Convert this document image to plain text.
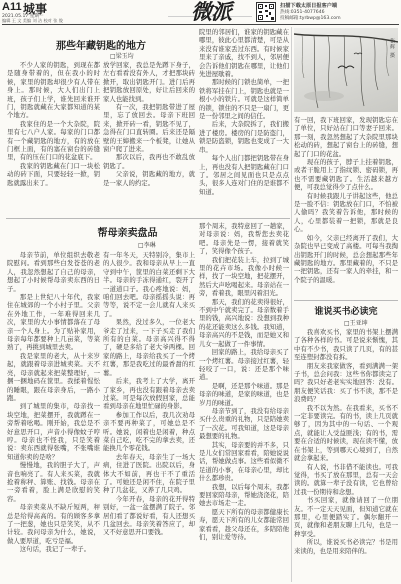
A11 城事
2021.05.17 星期一
编辑 王 文 美编 刘 洁 校对 张 俊	微派	扫描下载太原日报客户端
热线:0351-4077646
投稿邮箱:tyrbwp@163.com
那些年藏钥匙的地方
□梁玉均

不少人家的钥匙，到现在都是随身带着的，但在我小的时候，家里的钥匙却很少有人带在身上。那时候，大人们出门上班，孩子们上学，谁先回来谁开门，钥匙就藏在大家都知道的某个地方。

我家住的是一个大杂院，院里有七八户人家。每家的门口都有一个藏钥匙的地方，有的放在门框上面，有的塞在窗台的砖缝里，有的压在门口的花盆底下。

我家的钥匙藏在门口一块松动的砖下面，只要轻轻一掀，钥匙就露出来了。

放学回家，我总是先蹲下身子，左右看看没有外人，才把那块砖掀开，取出钥匙开门。进门后再把钥匙放回原处，好让后回来的家人也能找到。

有一次，我把钥匙带进了屋里，忘了放回去。母亲下班回来，掀开砖一看，钥匙不见了，急得在门口直转圈。后来还是隔壁的王婶搬来一个板凳，让她从窗户爬了进来。

那次以后，我再也不敢乱放钥匙了。

父亲说，钥匙藏的地方，就是一家人的约定。

院里的邻居们，谁家的钥匙藏在哪里，彼此心里都清楚，可是从来没有谁家丢过东西。有时候家里来了亲戚，找不到人，邻居便会告诉他们钥匙在哪里，让他们先进屋歇着。

那时候的门锁也简单，一把铁将军挂在门上，钥匙也就是一根小小的铁片。可就是这样简单的锁，锁住的不只是一扇门，更是一份邻里之间的信任。

后来，大杂院拆了，我们搬进了楼房。楼房的门是防盗门，锁是防盗锁，钥匙也变成了一大串。

每个人出门都把钥匙带在身上，再也没有人把钥匙藏在门口了。邻居之间见面也只是点点头，很多人连对门住的是谁都不知道。

张辉 摄

有一回，我下班回家，发现钥匙忘在了单位，只好站在门口等妻子回来。那一刻，我忽然想起了大杂院里那块松动的砖，想起了窗台上的砖缝，想起了门口的花盆。

现在的孩子，脖子上挂着钥匙，或者干脆用上了指纹锁、密码锁，再也不需要藏钥匙了。生活越来越方便，可我总觉得少了点什么。

有时候我跟儿子讲起这些，他总是一脸不信：钥匙放在门口，不怕被人偷吗？我笑着告诉他，那时候的人，心里都装着一把锁，那就是良心。

如今，父亲已经离开了我们，大杂院也早已变成了高楼。可每当我掏出钥匙开门的时候，总会想起那些年藏钥匙的地方。那里藏着的，不只是一把钥匙，还有一家人的牵挂，和一个院子的温暖。

帮母亲卖盘品
□李琳

母亲节前，单位组织去敬老院慰问。看到那些白发苍苍的老人，我忽然想起了自己的母亲，想起了小时候帮母亲卖东西的日子。

那是上世纪八十年代，我家住在城郊的一个小村子里。父亲在外地工作，一年难得回来几次，家里的大小事情都落在了母亲一个人身上。为了贴补家用，母亲每年都要种上几亩菜，等菜熟了，再挑到城里去卖。

我是家里的老大，从十来岁起，就跟着母亲进城卖菜。天不亮，母亲就起来把菜整理好，一捆一捆地码在筐里。我揉着惺忪的睡眼，跟在母亲身后，一路小跑。

到了城里的集市，母亲找一块空地，把菜摆开，我就蹲在一旁帮着吆喝。刚开始，我总是不好意思开口，声音小得像蚊子哼哼。母亲也不怪我，只是笑着说：卖东西就得张嘴，不张嘴谁知道你卖的是啥？

慢慢地，我的胆子大了，声音也响亮了。有人来买菜，我就抢着称秤、算账、找钱。母亲在一旁看着，脸上满是欣慰的笑容。

母亲卖菜从不缺斤短两，秤总是给得高高的。有的顾客多拿了一把葱，她也只是笑笑，从不计较。我问母亲为什么，她说，做人要厚道，吃亏是福。

这句话，我记了一辈子。

有一年冬天，天特别冷，集市上的人很少。我和母亲从早上一直守到中午，筐里的白菜还剩下大半。母亲的手冻得通红，裂开了一道道口子。我心疼地说：妈，咱们回去吧。母亲摇摇头说：再等等，说不定一会儿就有人来买了。

果然，没过多久，一位老大爷走了过来，一下子买走了我们所有的白菜。母亲高兴得不得了，硬是多给了老大爷两棵。回家的路上，母亲给我买了一个烤红薯，那是我吃过的最香甜的红薯。

后来，我考上了大学，离开了家乡，再也没有跟着母亲去卖过菜。可是每次放假回家，总能看到母亲在地里忙碌的身影。

参加工作以后，我几次劝母亲不要再种菜了，可她总是不听。她说，闲着也是闲着，种点菜自己吃，吃不完的拿去卖，还能换几个零花钱。

去年春天，母亲生了一场大病，住进了医院。出院以后，身体大不如前，再也干不了重活了。可她还是闲不住，在院子里种了几盆花，又养了几只鸡。

今年开春，母亲的花开得特别好，一盆一盆摆满了院子。邻居们看了都说好看，有人还想买几盆回去。母亲笑着答应了，却又不好意思开口要钱。

那个周末，我特意回了一趟家，对母亲说：妈，我帮您去卖花吧。母亲先是一愣，接着就笑了，笑得像个孩子。

我们把花装上车，拉到了城里的花卉市场。我像小时候一样，找了一块空地，把花摆开，然后大声吆喝起来。母亲站在一旁，看着我，眼里闪着泪光。

那天，我们的花卖得很好，不到中午就卖完了。母亲数着手里的钱，高兴地说：没想到我种的花还能卖这么多钱。我知道，母亲高兴的不是钱，而是她又和儿女一起做了一件事情。

回家的路上，我给母亲买了一个烤红薯。母亲接过红薯，轻轻咬了一口，说：还是那个味道。

是啊，还是那个味道。那是母亲的味道，是家的味道，也是岁月的味道。

母亲节到了，我没有给母亲买什么贵重的礼物，只是陪她卖了一次花。可我知道，这是母亲最想要的礼物。

其实，母亲要的并不多，只是儿女们常回家看看，陪她说说话，帮她做点事。这些看似微不足道的小事，在母亲心里，却比什么都珍贵。

我想，以后每个周末，我都要回家陪母亲，帮她浇浇花，陪她去市场走一走。

愿天下所有的母亲都健康长寿，愿天下所有的儿女都能常回家看看，趁父母还在，多陪陪他们，别让爱等待。

谁说买书必读完
□王亚坤

我喜欢买书，家里的书架上摆满了各种各样的书。可是说来惭愧，其中有不少书，我只读了几页，有的甚至连塑封都没有拆。

朋友来我家做客，看到满满一架子书，总会问我：这些书你都读完了吗？我只好老老实实地回答：没有。朋友便笑话我：买了书不读，那不是浪费吗？

我不以为然。在我看来，买书不一定非要读完。有的书，读上几页就够了，因为其中的一句话、一个观点，就能让人受益匪浅；有的书，需要在合适的时候读，现在读不懂，放在书架上，等到哪天心境到了，自然就会拿起来。

有人说，书非借不能读也。可我觉得，书买了放在那里，总有一天会读的。就算一辈子没有读，它也曾给过我一份期待和念想。

书买回家，就像请回了一位朋友。不一定天天见面，但知道它就在那里，心里便踏实了。偶尔翻开一页，就像和老朋友聊上几句，也是一种享受。

所以，谁说买书必读完？书是用来读的，也是用来陪伴的。
